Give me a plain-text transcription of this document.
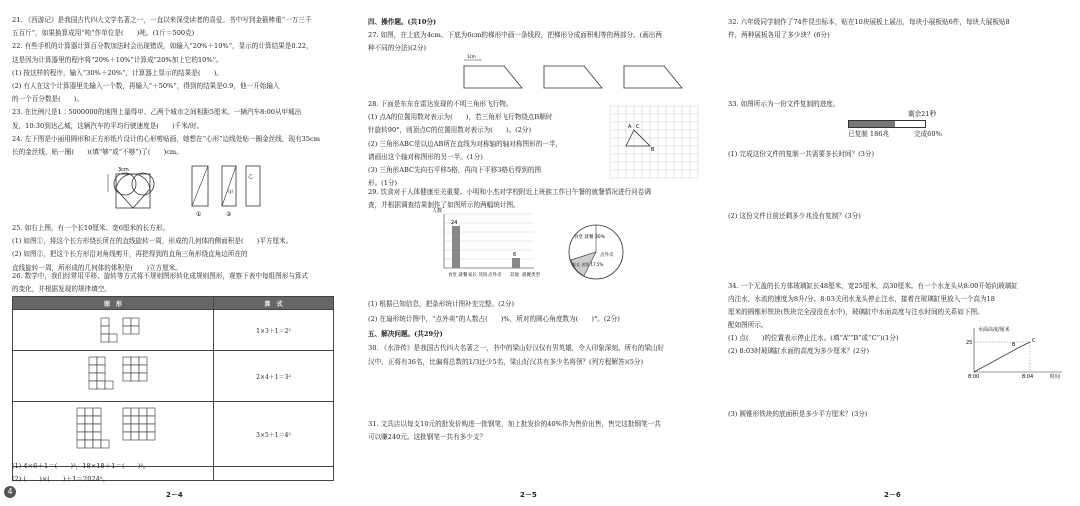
21. 《西游记》是我国古代四大文学名著之一，一直以来深受读者的喜爱。书中写到金箍棒重“一万三千
五百斤”，如果换算成用“吨”作单位是(　　)吨。(1斤＝500克)
22. 有些手机的计算器计算百分数加法时会出现错误，如输入“20%＋10%”，显示的计算结果是0.22，
这是因为计算器里的程序将“20%＋10%”计算成“20%加上它的10%”。
(1) 按这样的程序，输入“30%＋20%”，计算器上显示的结果是(　　)。
(2) 有人在这个计算器里先输入一个数，再输入“＋50%”，得到的结果是0.9，他一开始输入
的一个百分数是(　　)。
23. 在比例尺是1∶5000000的地图上量得甲、乙两个城市之间相距5厘米。一辆汽车8:00从甲城出
发，10:30到达乙城，这辆汽车的平均行驶速度是(　　)千米/时。
24. 左下图是小丽用圆形和正方形纸片设计的心形剪贴画，她想在“心形”边线处贴一圈金丝线，现有35cm
长的金丝线，贴一圈(　　)(填“够”或“不够”)了(　　)cm。
3cm
甲
乙
①	②
25. 如右上图，有一个长10厘米、宽6厘米的长方形。
(1) 如图①，将这个长方形绕长所在的直线旋转一周，形成的几何体的侧面积是(　　)平方厘米。
(2) 如图②，把这个长方形沿对角线剪开，再把得到的直角三角形绕直角边所在的
直线旋转一周，所形成的几何体的体积是(　　)立方厘米。
26. 数学中，我们经常用平移、旋转等方式将不规则图形转化成规则图形，观察下表中每组图形与算式
的变化，并根据发现的规律填空。
图　形	算　式
	1×3＋1＝2²
	2×4＋1＝3²
	3×5＋1＝4²

(1) 4×6＋1＝(　　)²，18×18＋1＝(　　)²。
(2) (　　)×(　　)＋1＝2024²。
2－4
4
四、操作题。(共10分)
27. 如图，在上底为4cm、下底为6cm的梯形中画一条线段，把梯形分成面积相等的两部分。(画出两
种不同的分法)(2分)
1cm
28. 下面是东东在雷达发现的不明三角形飞行物。
(1) 点A的位置用数对表示为(　　)，若三角形飞行物绕点B顺时
针旋转90°，则顶点C的位置用数对表示为(　　)。(2分)
(2) 三角形ABC是以边AB所在直线为对称轴的轴对称图形的一半，
请画出这个轴对称图形的另一半。(1分)
(3) 三角形ABC先向右平移5格，再向下平移3格后得到的图
形。(1分)
A
B
C
29. 饮食对于人体健康至关重要。小明和小杰对学校附近上班族工作日午餐的就餐情况进行问卷调
查，并根据调查结果制作了如图所示的两幅统计图。
(1) 根据已知信息，把条形统计图补充完整。(2分)
(2) 在扇形统计图中，“点外卖”的人数占(　　)%，所对的圆心角度数为(　　)°。(2分)
五、解决问题。(共29分)
30. 《水浒传》是我国古代四大名著之一，书中的梁山好汉仅有男英雄，令人印象深刻。所有的梁山好
汉中，正将有36名，比偏将总数的1/3还少5名，梁山好汉共有多少名将领？(列方程解答)(5分)
人数
24
6
食堂 就餐 家长 送饭 点外卖 其他 就餐类型
食堂 就餐 30%
点外卖
家长 送饭 17.5%
31. 文具店以每支10元的批发价购进一批钢笔，加上批发价的40%作为售价出售，售完这批钢笔一共
可以赚240元。这批钢笔一共有多少支？
2－5
32. 六年级同学制作了74件昆虫标本，贴在10块展板上展出，每块小展板贴6件，每块大展板贴8
件，两种展板各用了多少块？(6分)
33. 如图所示为一份文件复制的进度。
(1) 完成这份文件的复制一共需要多长时间？(3分)
(2) 这份文件目前还剩多少兆没有复制？(3分)
剩余21秒
已复制 186兆	完成60%
34. 一个无盖的长方体玻璃缸长48厘米，宽25厘米，高30厘米。有一个水龙头从8:00开始向玻璃缸
内注水，水流的速度为8升/分。8:03关闭水龙头停止注水，接着在玻璃缸里放入一个高为18
厘米的圆锥形铁块(铁块完全浸没在水中)，玻璃缸中水面高度与注水时间的关系如下图。
配如图所示。
(1) 点(　　)的位置表示停止注水。(填“A”“B”或“C”)(1分)
(2) 8:03时玻璃缸水面的高度为多少厘米？(2分)
(3) 圆锥形铁块的底面积是多少平方厘米？(3分)
水面高度/厘米
25	C
B
8:00	8:04	时间
2－6
